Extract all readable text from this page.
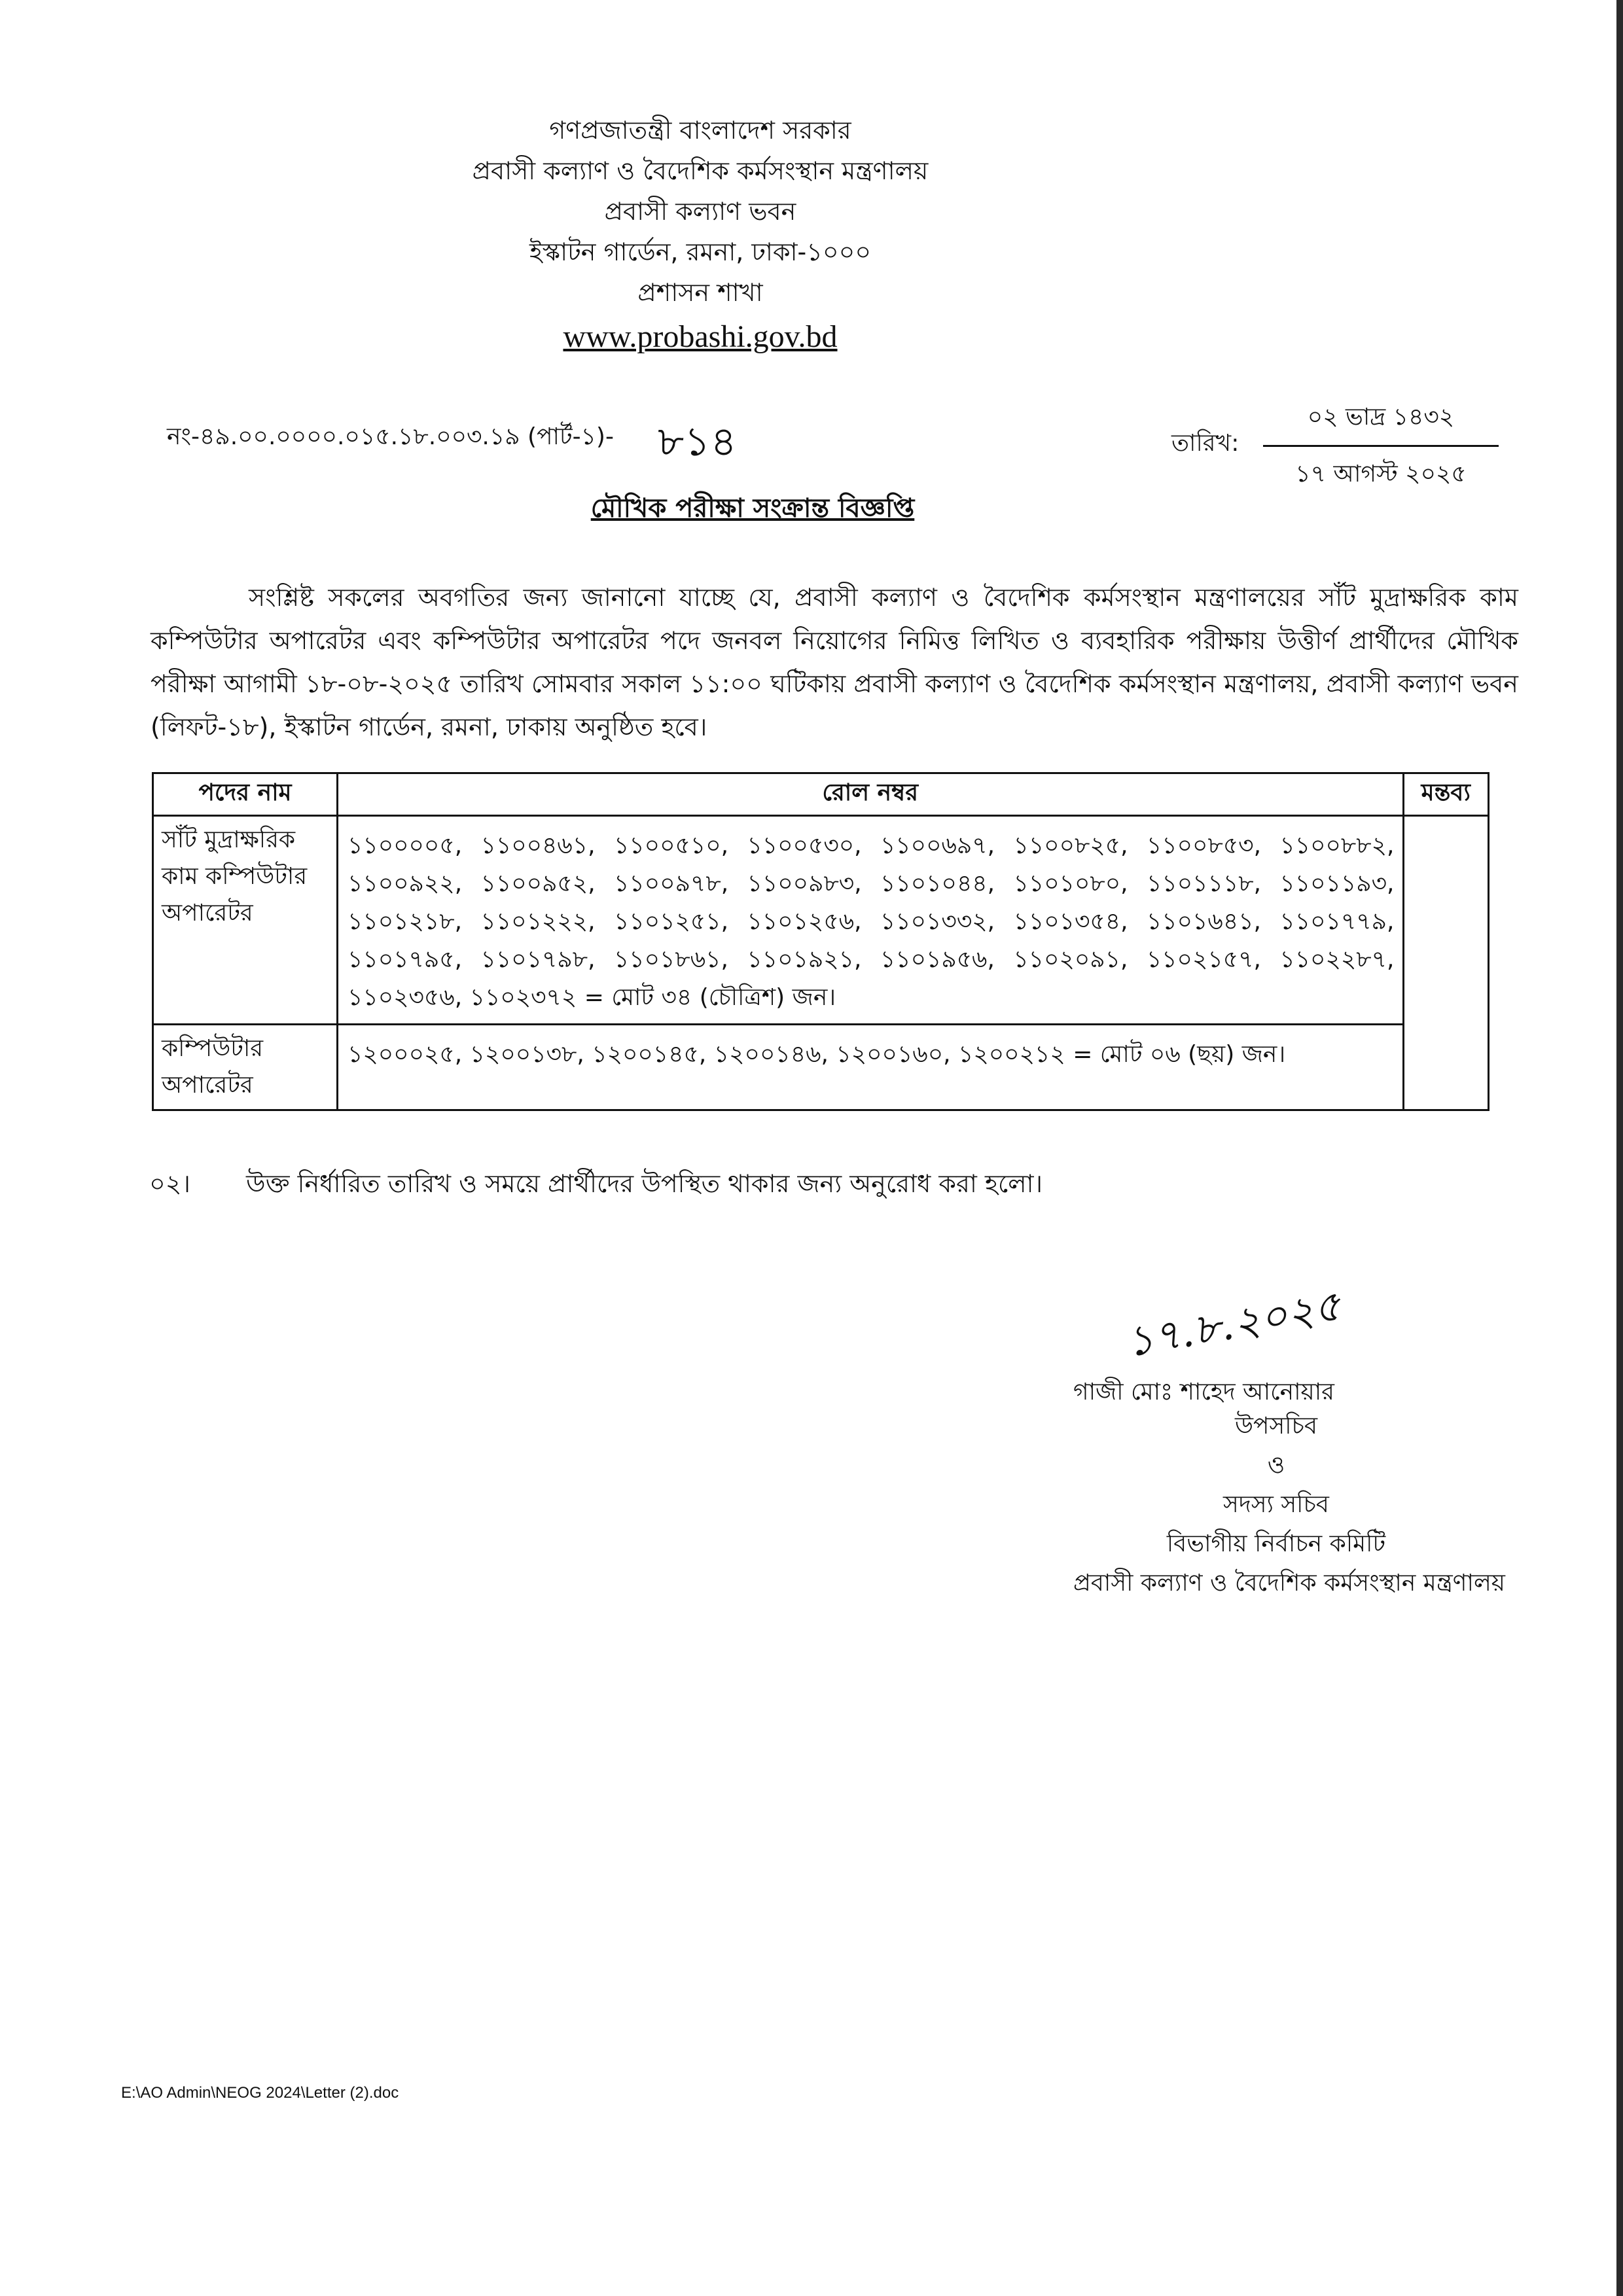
গণপ্রজাতন্ত্রী বাংলাদেশ সরকার
প্রবাসী কল্যাণ ও বৈদেশিক কর্মসংস্থান মন্ত্রণালয়
প্রবাসী কল্যাণ ভবন
ইস্কাটন গার্ডেন, রমনা, ঢাকা-১০০০
প্রশাসন শাখা
www.probashi.gov.bd
নং-৪৯.০০.০০০০.০১৫.১৮.০০৩.১৯ (পার্ট-১)- ৮১৪	তারিখ:
০২ ভাদ্র ১৪৩২
১৭ আগস্ট ২০২৫
মৌখিক পরীক্ষা সংক্রান্ত বিজ্ঞপ্তি
সংশ্লিষ্ট সকলের অবগতির জন্য জানানো যাচ্ছে যে, প্রবাসী কল্যাণ ও বৈদেশিক কর্মসংস্থান মন্ত্রণালয়ের সাঁট মুদ্রাক্ষরিক কাম কম্পিউটার অপারেটর এবং কম্পিউটার অপারেটর পদে জনবল নিয়োগের নিমিত্ত লিখিত ও ব্যবহারিক পরীক্ষায় উত্তীর্ণ প্রার্থীদের মৌখিক পরীক্ষা আগামী ১৮-০৮-২০২৫ তারিখ সোমবার সকাল ১১:০০ ঘটিকায় প্রবাসী কল্যাণ ও বৈদেশিক কর্মসংস্থান মন্ত্রণালয়, প্রবাসী কল্যাণ ভবন (লিফট-১৮), ইস্কাটন গার্ডেন, রমনা, ঢাকায় অনুষ্ঠিত হবে।
পদের নাম	রোল নম্বর	মন্তব্য
সাঁট মুদ্রাক্ষরিক কাম কম্পিউটার অপারেটর	১১০০০০৫, ১১০০৪৬১, ১১০০৫১০, ১১০০৫৩০, ১১০০৬৯৭, ১১০০৮২৫, ১১০০৮৫৩, ১১০০৮৮২, ১১০০৯২২, ১১০০৯৫২, ১১০০৯৭৮, ১১০০৯৮৩, ১১০১০৪৪, ১১০১০৮০, ১১০১১১৮, ১১০১১৯৩, ১১০১২১৮, ১১০১২২২, ১১০১২৫১, ১১০১২৫৬, ১১০১৩৩২, ১১০১৩৫৪, ১১০১৬৪১, ১১০১৭৭৯, ১১০১৭৯৫, ১১০১৭৯৮, ১১০১৮৬১, ১১০১৯২১, ১১০১৯৫৬, ১১০২০৯১, ১১০২১৫৭, ১১০২২৮৭, ১১০২৩৫৬, ১১০২৩৭২ = মোট ৩৪ (চৌত্রিশ) জন।	
কম্পিউটার অপারেটর	১২০০০২৫, ১২০০১৩৮, ১২০০১৪৫, ১২০০১৪৬, ১২০০১৬০, ১২০০২১২ = মোট ০৬ (ছয়) জন।	
০২। উক্ত নির্ধারিত তারিখ ও সময়ে প্রার্থীদের উপস্থিত থাকার জন্য অনুরোধ করা হলো।
১৭.৮.২০২৫
গাজী মোঃ শাহেদ আনোয়ার
উপসচিব
ও
সদস্য সচিব
বিভাগীয় নির্বাচন কমিটি
প্রবাসী কল্যাণ ও বৈদেশিক কর্মসংস্থান মন্ত্রণালয়
E:\AO Admin\NEOG 2024\Letter (2).doc
